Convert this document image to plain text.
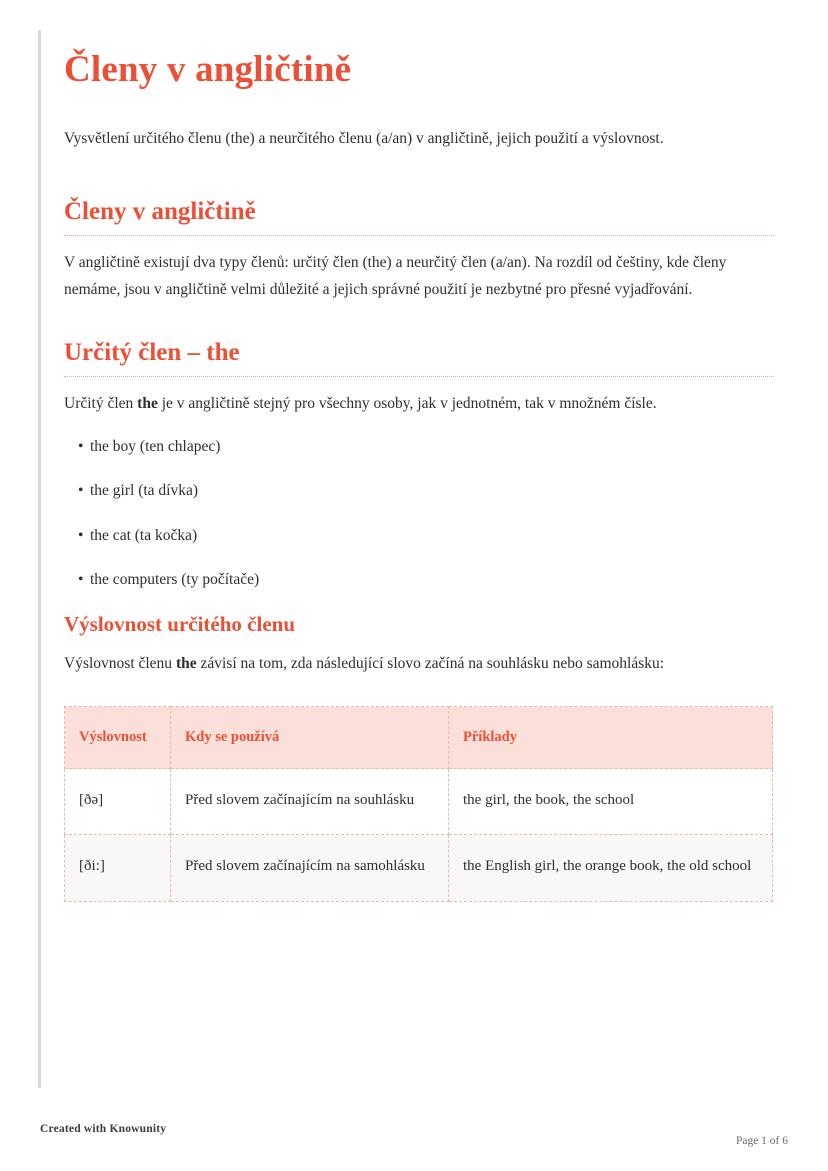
Členy v angličtině

Vysvětlení určitého členu (the) a neurčitého členu (a/an) v angličtině, jejich použití a výslovnost.

Členy v angličtině

V angličtině existují dva typy členů: určitý člen (the) a neurčitý člen (a/an). Na rozdíl od češtiny, kde členy nemáme, jsou v angličtině velmi důležité a jejich správné použití je nezbytné pro přesné vyjadřování.

Určitý člen – the

Určitý člen the je v angličtině stejný pro všechny osoby, jak v jednotném, tak v množném čísle.

• the boy (ten chlapec)
• the girl (ta dívka)
• the cat (ta kočka)
• the computers (ty počítače)
Výslovnost určitého členu

Výslovnost členu the závisí na tom, zda následující slovo začíná na souhlásku nebo samohlásku:

Výslovnost	Kdy se používá	Příklady
[ðə]	Před slovem začínajícím na souhlásku	the girl, the book, the school
[ði:]	Před slovem začínajícím na samohlásku	the English girl, the orange book, the old school
Created with Knowunity
Page 1 of 6
